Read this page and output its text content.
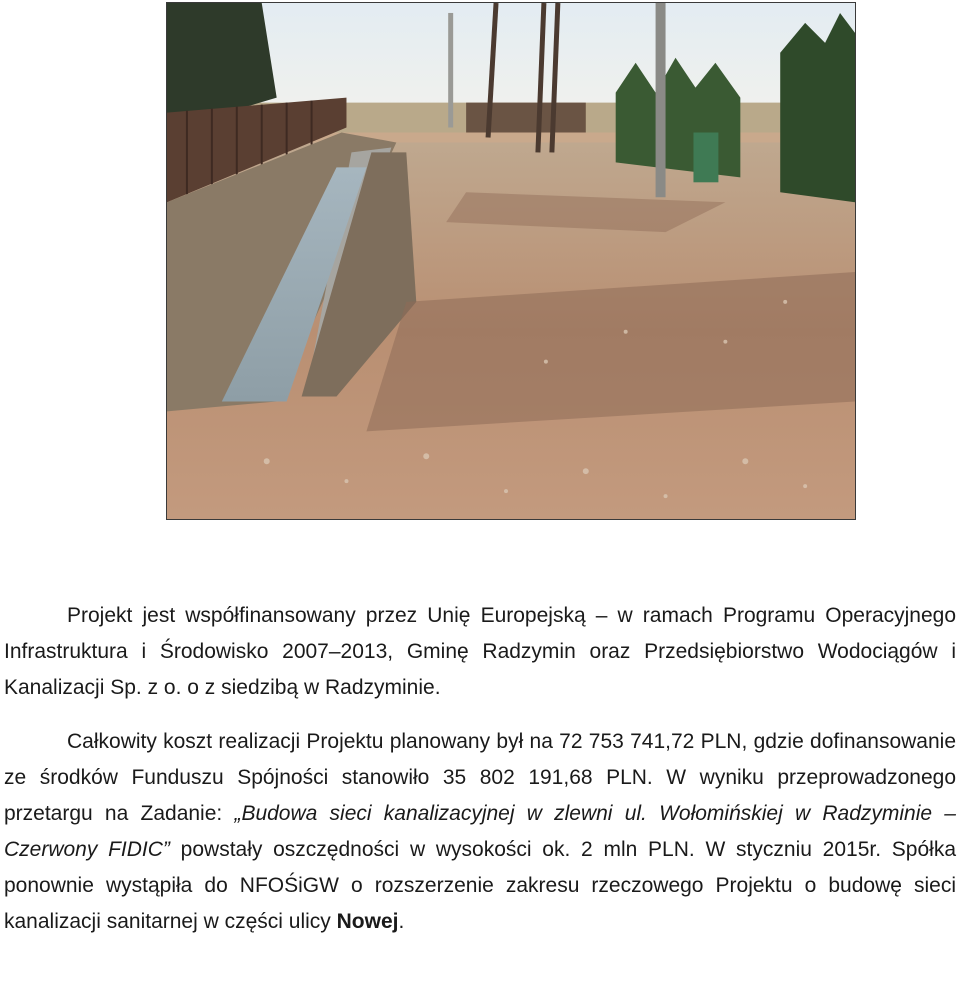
Projekt jest współfinansowany przez Unię Europejską – w ramach Programu Operacyjnego Infrastruktura i Środowisko 2007–2013, Gminę Radzymin oraz Przedsiębiorstwo Wodociągów i Kanalizacji Sp. z o. o z siedzibą w Radzyminie.

Całkowity koszt realizacji Projektu planowany był na 72 753 741,72 PLN, gdzie dofinansowanie ze środków Funduszu Spójności stanowiło 35 802 191,68 PLN. W wyniku przeprowadzonego przetargu na Zadanie: „Budowa sieci kanalizacyjnej w zlewni ul. Wołomińskiej w Radzyminie – Czerwony FIDIC” powstały oszczędności w wysokości ok. 2 mln PLN. W styczniu 2015r. Spółka ponownie wystąpiła do NFOŚiGW o rozszerzenie zakresu rzeczowego Projektu o budowę sieci kanalizacji sanitarnej w części ulicy Nowej.
